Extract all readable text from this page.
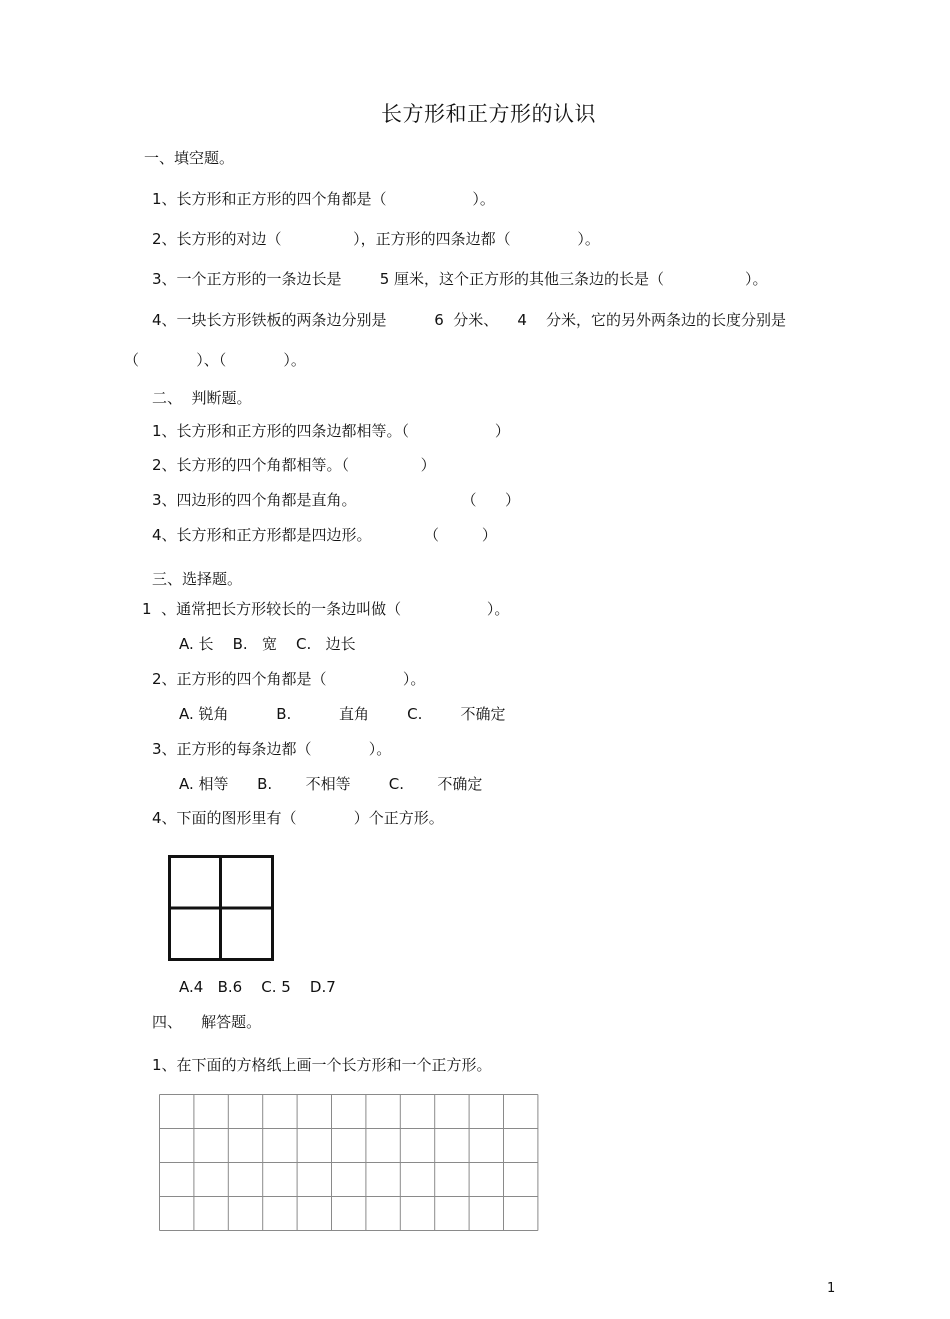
长方形和正方形的认识
一、填空题。
1、长方形和正方形的四个角都是（                  ）。
2、长方形的对边（               ），正方形的四条边都（              ）。
3、一个正方形的一条边长是        5 厘米，这个正方形的其他三条边的长是（                 ）。
4、一块长方形铁板的两条边分别是          6  分米、    4    分米，它的另外两条边的长度分别是
（            ）、（            ）。
二、  判断题。
1、长方形和正方形的四条边都相等。（                  ）
2、长方形的四个角都相等。（               ）
3、四边形的四个角都是直角。                      （      ）
4、长方形和正方形都是四边形。           （         ）
三、选择题。
1  、通常把长方形较长的一条边叫做（                  ）。
A. 长    B.   宽    C.   边长
2、正方形的四个角都是（                ）。
A. 锐角          B.          直角        C.        不确定
3、正方形的每条边都（            ）。
A. 相等      B.       不相等        C.       不确定
4、下面的图形里有（            ）个正方形。
A.4   B.6    C. 5    D.7
四、    解答题。
1、在下面的方格纸上画一个长方形和一个正方形。
1
